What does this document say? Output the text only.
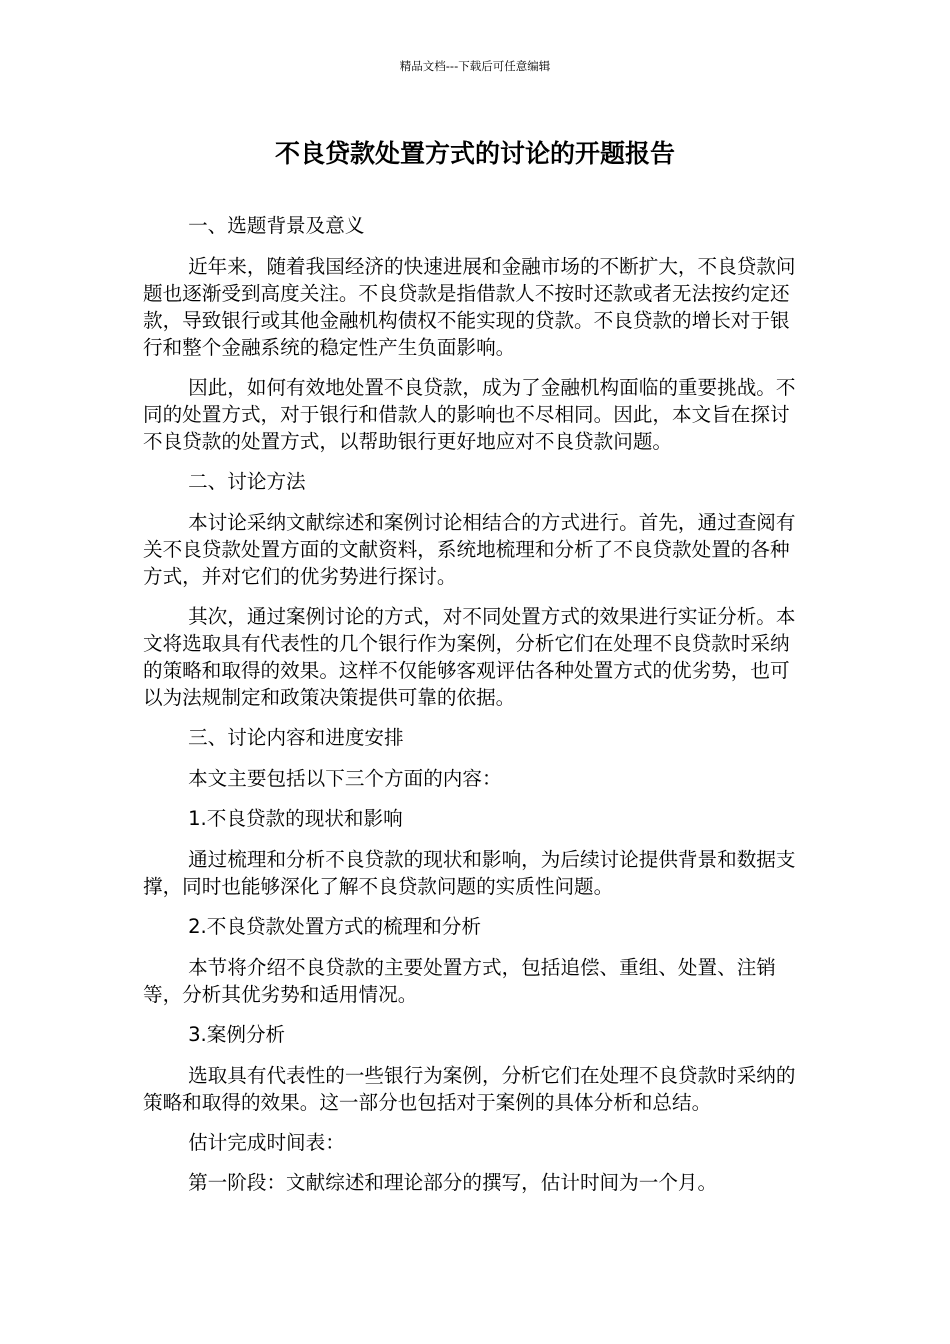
精品文档---下载后可任意编辑
不良贷款处置方式的讨论的开题报告

一、选题背景及意义

近年来，随着我国经济的快速进展和金融市场的不断扩大，不良贷款问题也逐渐受到高度关注。不良贷款是指借款人不按时还款或者无法按约定还款，导致银行或其他金融机构债权不能实现的贷款。不良贷款的增长对于银行和整个金融系统的稳定性产生负面影响。

因此，如何有效地处置不良贷款，成为了金融机构面临的重要挑战。不同的处置方式，对于银行和借款人的影响也不尽相同。因此，本文旨在探讨不良贷款的处置方式，以帮助银行更好地应对不良贷款问题。

二、讨论方法

本讨论采纳文献综述和案例讨论相结合的方式进行。首先，通过查阅有关不良贷款处置方面的文献资料，系统地梳理和分析了不良贷款处置的各种方式，并对它们的优劣势进行探讨。

其次，通过案例讨论的方式，对不同处置方式的效果进行实证分析。本文将选取具有代表性的几个银行作为案例，分析它们在处理不良贷款时采纳的策略和取得的效果。这样不仅能够客观评估各种处置方式的优劣势，也可以为法规制定和政策决策提供可靠的依据。

三、讨论内容和进度安排

本文主要包括以下三个方面的内容：

1.不良贷款的现状和影响

通过梳理和分析不良贷款的现状和影响，为后续讨论提供背景和数据支撑，同时也能够深化了解不良贷款问题的实质性问题。

2.不良贷款处置方式的梳理和分析

本节将介绍不良贷款的主要处置方式，包括追偿、重组、处置、注销等，分析其优劣势和适用情况。

3.案例分析

选取具有代表性的一些银行为案例，分析它们在处理不良贷款时采纳的策略和取得的效果。这一部分也包括对于案例的具体分析和总结。

估计完成时间表：

第一阶段：文献综述和理论部分的撰写，估计时间为一个月。
